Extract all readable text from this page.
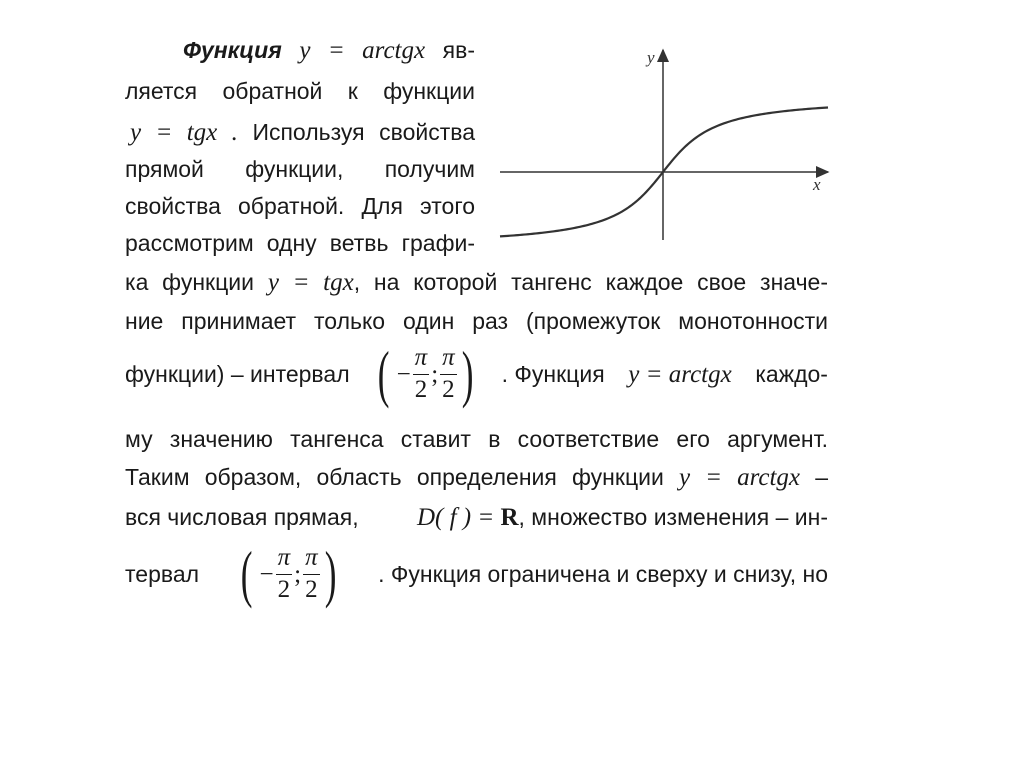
Функция y = arctgx яв-
ляется обратной к функции
y = tgx . Используя свойства
прямой функции, получим
свойства обратной. Для этого
рассмотрим одну ветвь графи-
x
y
ка функции y = tgx, на которой тангенс каждое свое значе-
ние принимает только один раз (промежуток монотонности
функции) – интервал ( − $\frac{\pi}{2}$ ; $\frac{\pi}{2}$ ) . Функция y = arctgx каждо-
му значению тангенса ставит в соответствие его аргумент.
Таким образом, область определения функции y = arctgx –
вся числовая прямая, D( f ) = R, множество изменения – ин-
тервал ( − $\frac{\pi}{2}$ ; $\frac{\pi}{2}$ ) . Функция ограничена и сверху и снизу, но
